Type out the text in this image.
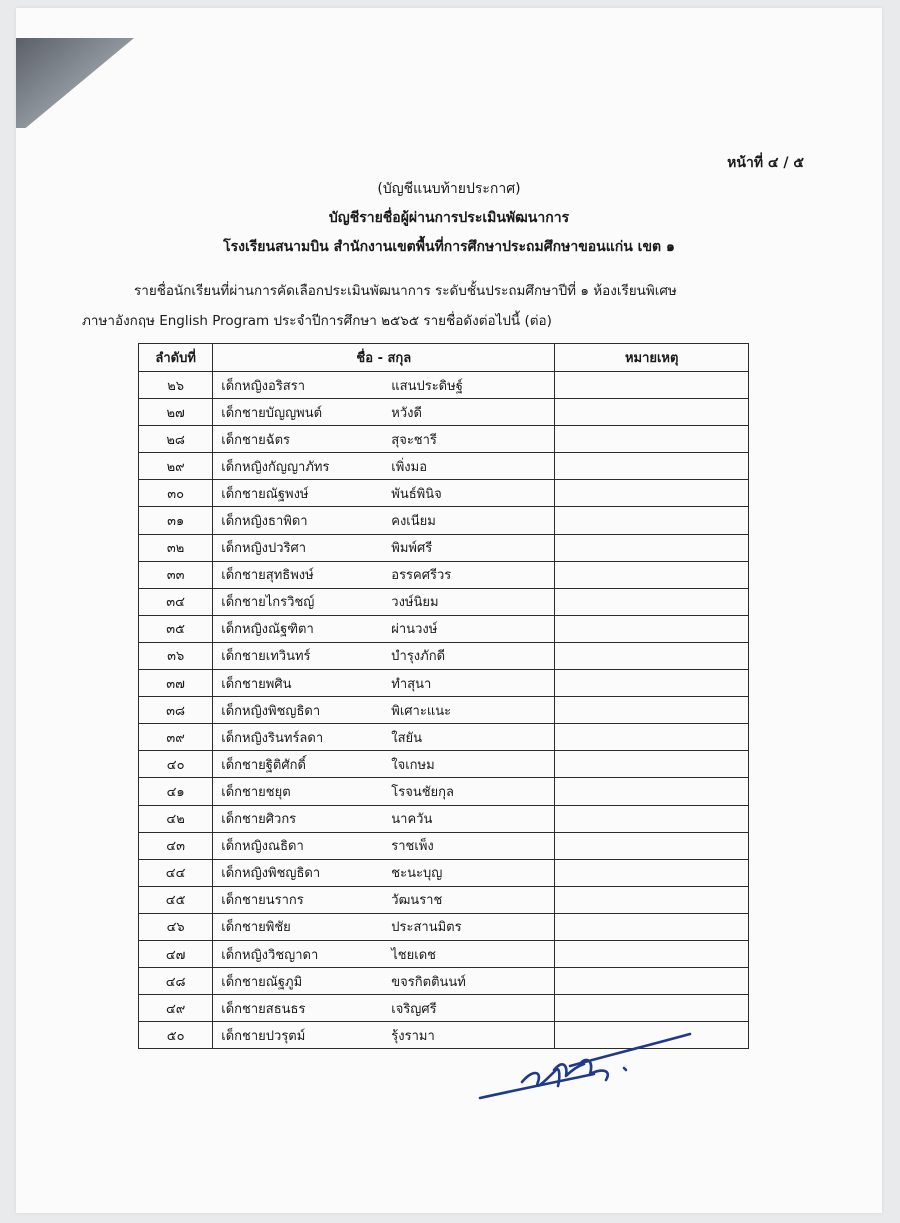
หน้าที่ ๔ / ๕
(บัญชีแนบท้ายประกาศ)
บัญชีรายชื่อผู้ผ่านการประเมินพัฒนาการ
โรงเรียนสนามบิน สำนักงานเขตพื้นที่การศึกษาประถมศึกษาขอนแก่น เขต ๑
รายชื่อนักเรียนที่ผ่านการคัดเลือกประเมินพัฒนาการ ระดับชั้นประถมศึกษาปีที่ ๑ ห้องเรียนพิเศษ
ภาษาอังกฤษ English Program ประจำปีการศึกษา ๒๕๖๕ รายชื่อดังต่อไปนี้ (ต่อ)
ลำดับที่	ชื่อ - สกุล	หมายเหตุ
๒๖	เด็กหญิงอริสรา แสนประดิษฐ์	
๒๗	เด็กชายบัญญพนต์ หวังดี	
๒๘	เด็กชายฉัตร สุจะชารี	
๒๙	เด็กหญิงกัญญาภัทร เพิ่งมอ	
๓๐	เด็กชายณัฐพงษ์ พันธ์พินิจ	
๓๑	เด็กหญิงธาพิดา คงเนียม	
๓๒	เด็กหญิงปวริศา พิมพ์ศรี	
๓๓	เด็กชายสุทธิพงษ์ อรรคศรีวร	
๓๔	เด็กชายไกรวิชญ์ วงษ์นิยม	
๓๕	เด็กหญิงณัฐฑิตา ผ่านวงษ์	
๓๖	เด็กชายเทวินทร์ บำรุงภักดี	
๓๗	เด็กชายพศิน ทำสุนา	
๓๘	เด็กหญิงพิชญธิดา พิเศาะแนะ	
๓๙	เด็กหญิงรินทร์ลดา ใสยัน	
๔๐	เด็กชายฐิติศักดิ์ ใจเกษม	
๔๑	เด็กชายชยุต โรจนชัยกุล	
๔๒	เด็กชายศิวกร นาควัน	
๔๓	เด็กหญิงณธิดา ราชเพ็ง	
๔๔	เด็กหญิงพิชญธิดา ชะนะบุญ	
๔๕	เด็กชายนรากร วัฒนราช	
๔๖	เด็กชายพิชัย ประสานมิตร	
๔๗	เด็กหญิงวิชญาดา ไชยเดช	
๔๘	เด็กชายณัฐภูมิ ขจรกิตตินนท์	
๔๙	เด็กชายสธนธร เจริญศรี	
๕๐	เด็กชายปวรุตม์ รุ้งรามา	
